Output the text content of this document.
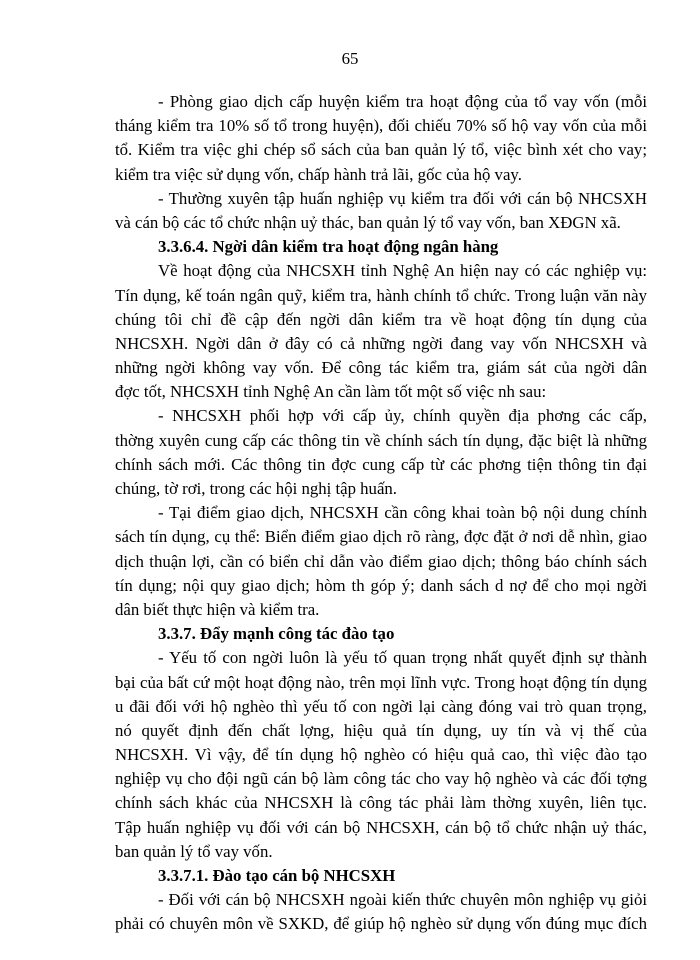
65
- Phòng giao dịch cấp huyện kiểm tra hoạt động của tổ vay vốn (mỗi
tháng kiểm tra 10% số tổ trong huyện), đối chiếu 70% số hộ vay vốn của mỗi
tổ. Kiểm tra việc ghi chép sổ sách của ban quản lý tổ, việc bình xét cho vay;
kiểm tra việc sử dụng vốn, chấp hành trả lãi, gốc của hộ vay.
- Thường xuyên tập huấn nghiệp vụ kiểm tra đối với cán bộ NHCSXH
và cán bộ các tổ chức nhận uỷ thác, ban quản lý tổ vay vốn, ban XĐGN xã.
3.3.6.4. Ngời dân kiểm tra hoạt động ngân hàng
Về hoạt động của NHCSXH tỉnh Nghệ An hiện nay có các nghiệp vụ:
Tín dụng, kế toán ngân quỹ, kiểm tra, hành chính tổ chức. Trong luận văn này
chúng tôi chỉ đề cập đến ngời dân kiểm tra về hoạt động tín dụng của
NHCSXH. Ngời dân ở đây có cả những ngời đang vay vốn NHCSXH và
những ngời không vay vốn. Để công tác kiểm tra, giám sát của ngời dân
đợc tốt, NHCSXH tỉnh Nghệ An cần làm tốt một số việc nh sau:
- NHCSXH phối hợp với cấp ủy, chính quyền địa phơng các cấp,
thờng xuyên cung cấp các thông tin về chính sách tín dụng, đặc biệt là những
chính sách mới. Các thông tin đợc cung cấp từ các phơng tiện thông tin đại
chúng, tờ rơi, trong các hội nghị tập huấn.
- Tại điểm giao dịch, NHCSXH cần công khai toàn bộ nội dung chính
sách tín dụng, cụ thể: Biển điểm giao dịch rõ ràng, đợc đặt ở nơi dễ nhìn, giao
dịch thuận lợi, cần có biển chỉ dẫn vào điểm giao dịch; thông báo chính sách
tín dụng; nội quy giao dịch; hòm th góp ý; danh sách d nợ để cho mọi ngời
dân biết thực hiện và kiểm tra.
3.3.7. Đẩy mạnh công tác đào tạo
- Yếu tố con ngời luôn là yếu tố quan trọng nhất quyết định sự thành
bại của bất cứ một hoạt động nào, trên mọi lĩnh vực. Trong hoạt động tín dụng
u đãi đối với hộ nghèo thì yếu tố con ngời lại càng đóng vai trò quan trọng,
nó quyết định đến chất lợng, hiệu quả tín dụng, uy tín và vị thế của
NHCSXH. Vì vậy, để tín dụng hộ nghèo có hiệu quả cao, thì việc đào tạo
nghiệp vụ cho đội ngũ cán bộ làm công tác cho vay hộ nghèo và các đối tợng
chính sách khác của NHCSXH là công tác phải làm thờng xuyên, liên tục.
Tập huấn nghiệp vụ đối với cán bộ NHCSXH, cán bộ tổ chức nhận uỷ thác,
ban quản lý tổ vay vốn.
3.3.7.1. Đào tạo cán bộ NHCSXH
- Đối với cán bộ NHCSXH ngoài kiến thức chuyên môn nghiệp vụ giỏi
phải có chuyên môn về SXKD, để giúp hộ nghèo sử dụng vốn đúng mục đích
